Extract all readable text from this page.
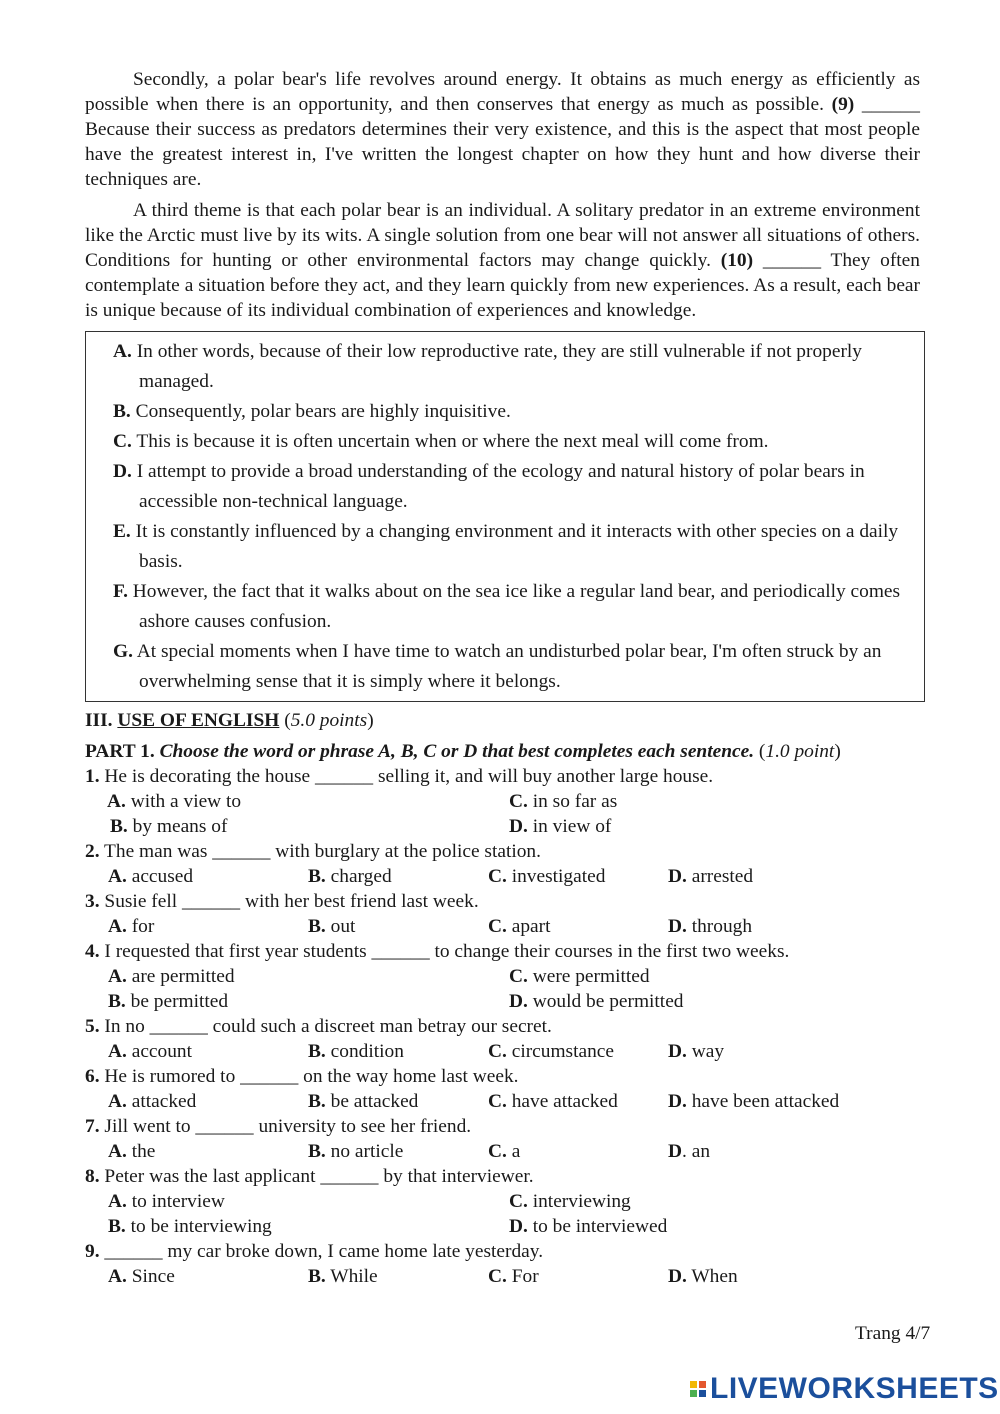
Secondly, a polar bear's life revolves around energy. It obtains as much energy as efficiently as possible when there is an opportunity, and then conserves that energy as much as possible. (9) ______ Because their success as predators determines their very existence, and this is the aspect that most people have the greatest interest in, I've written the longest chapter on how they hunt and how diverse their techniques are.

A third theme is that each polar bear is an individual. A solitary predator in an extreme environment like the Arctic must live by its wits. A single solution from one bear will not answer all situations of others. Conditions for hunting or other environmental factors may change quickly. (10) ______ They often contemplate a situation before they act, and they learn quickly from new experiences. As a result, each bear is unique because of its individual combination of experiences and knowledge.

A. In other words, because of their low reproductive rate, they are still vulnerable if not properly managed.
B. Consequently, polar bears are highly inquisitive.
C. This is because it is often uncertain when or where the next meal will come from.
D. I attempt to provide a broad understanding of the ecology and natural history of polar bears in accessible non-technical language.
E. It is constantly influenced by a changing environment and it interacts with other species on a daily basis.
F. However, the fact that it walks about on the sea ice like a regular land bear, and periodically comes ashore causes confusion.
G. At special moments when I have time to watch an undisturbed polar bear, I'm often struck by an overwhelming sense that it is simply where it belongs.
III. USE OF ENGLISH (5.0 points)
PART 1. Choose the word or phrase A, B, C or D that best completes each sentence. (1.0 point)
1. He is decorating the house ______ selling it, and will buy another large house.
A. with a view to	C. in so far as
B. by means of	D. in view of
2. The man was ______ with burglary at the police station.
A. accused	B. charged	C. investigated	D. arrested
3. Susie fell ______ with her best friend last week.
A. for	B. out	C. apart	D. through
4. I requested that first year students ______ to change their courses in the first two weeks.
A. are permitted	C. were permitted
B. be permitted	D. would be permitted
5. In no ______ could such a discreet man betray our secret.
A. account	B. condition	C. circumstance	D. way
6. He is rumored to ______ on the way home last week.
A. attacked	B. be attacked	C. have attacked	D. have been attacked
7. Jill went to ______ university to see her friend.
A. the	B. no article	C. a	D. an
8. Peter was the last applicant ______ by that interviewer.
A. to interview	C. interviewing
B. to be interviewing	D. to be interviewed
9. ______ my car broke down, I came home late yesterday.
A. Since	B. While	C. For	D. When
Trang 4/7
LIVEWORKSHEETS
